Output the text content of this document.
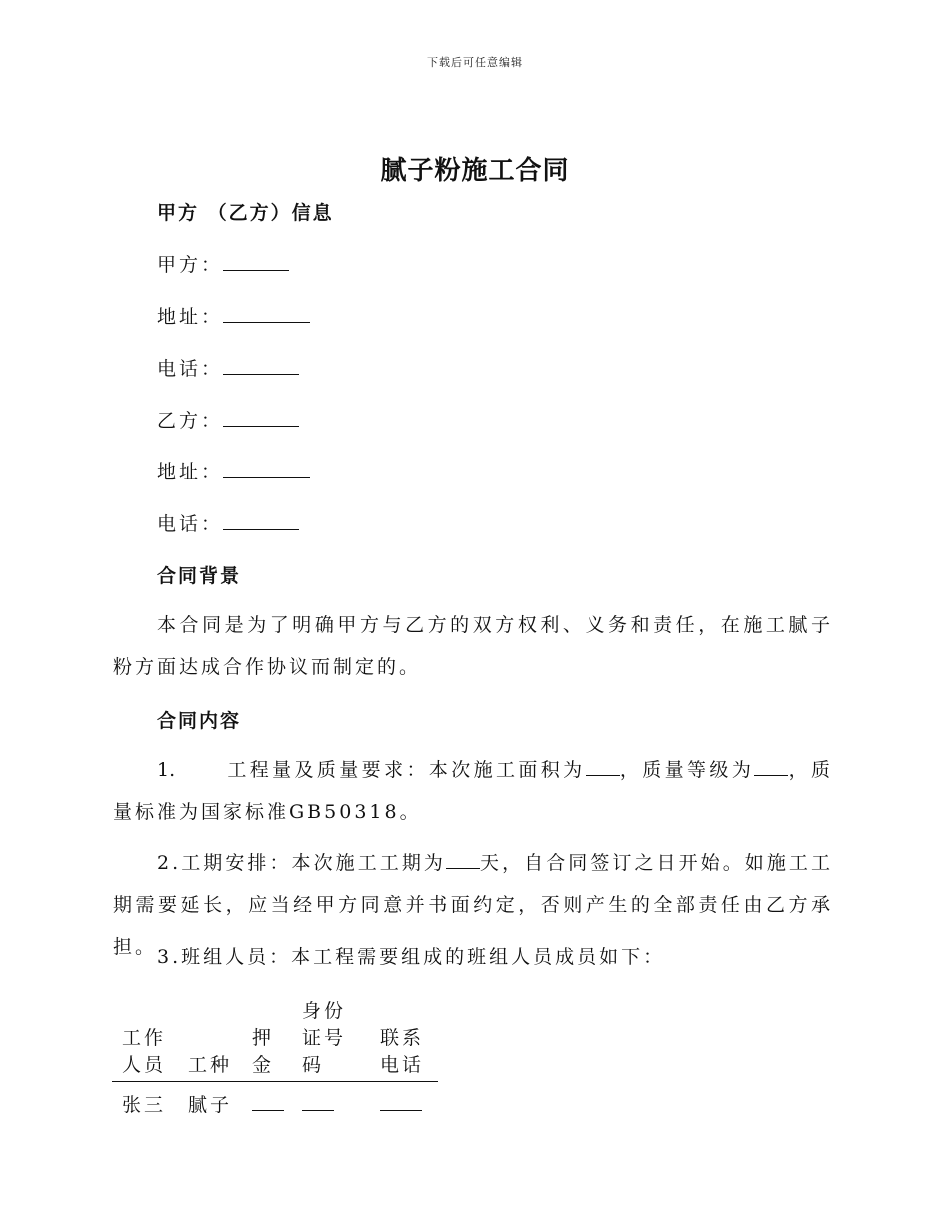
下载后可任意编辑
腻子粉施工合同
甲方 （乙方）信息
甲方：
地址：
电话：
乙方：
地址：
电话：
合同背景

本合同是为了明确甲方与乙方的双方权利、义务和责任，在施工腻子粉方面达成合作协议而制定的。

合同内容

1.	工程量及质量要求：本次施工面积为 ，质量等级为 ，质量标准为国家标准GB50318。

2.工期安排：本次施工工期为 天，自合同签订之日开始。如施工工期需要延长，应当经甲方同意并书面约定，否则产生的全部责任由乙方承担。 3.班组人员：本工程需要组成的班组人员成员如下：

工作人员	工种	押金	身份证号码	联系电话
张三	腻子			
